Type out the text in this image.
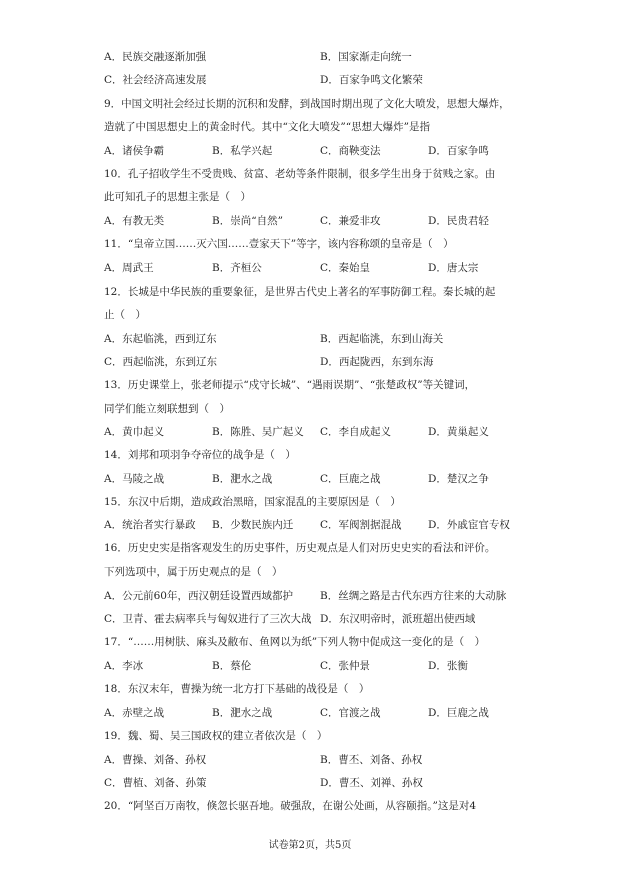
A．民族交融逐渐加强	B．国家渐走向统一
C．社会经济高速发展	D．百家争鸣文化繁荣
9．中国文明社会经过长期的沉积和发酵，到战国时期出现了文化大喷发，思想大爆炸，
造就了中国思想史上的黄金时代。其中“文化大喷发”“思想大爆炸”是指
A．诸侯争霸	B．私学兴起	C．商鞅变法	D．百家争鸣
10．孔子招收学生不受贵贱、贫富、老幼等条件限制，很多学生出身于贫贱之家。由
此可知孔子的思想主张是（　）
A．有教无类	B．崇尚“自然”	C．兼爱非攻	D．民贵君轻
11．“皇帝立国……灭六国……壹家天下”等字，该内容称颂的皇帝是（　）
A．周武王	B．齐桓公	C．秦始皇	D．唐太宗
12．长城是中华民族的重要象征，是世界古代史上著名的军事防御工程。秦长城的起
止（　）
A．东起临洮，西到辽东	B．西起临洮，东到山海关
C．西起临洮，东到辽东	D．西起陇西，东到东海
13．历史课堂上，张老师提示“戍守长城”、“遇雨误期”、“张楚政权”等关键词，
同学们能立刻联想到（　）
A．黄巾起义	B．陈胜、吴广起义 C．李自成起义	D．黄巢起义
14．刘邦和项羽争夺帝位的战争是（　）
A．马陵之战	B．淝水之战	C．巨鹿之战	D．楚汉之争
15．东汉中后期，造成政治黑暗，国家混乱的主要原因是（　）
A．统治者实行暴政 B．少数民族内迁	C．军阀割据混战	D．外戚宦官专权
16．历史史实是指客观发生的历史事件，历史观点是人们对历史史实的看法和评价。
下列选项中，属于历史观点的是（　）
A．公元前60年，西汉朝廷设置西域都护	B．丝绸之路是古代东西方往来的大动脉
C．卫青、霍去病率兵与匈奴进行了三次大战 D．东汉明帝时，派班超出使西域
17．“……用树肤、麻头及敝布、鱼网以为纸”下列人物中促成这一变化的是（　）
A．李冰	B．蔡伦	C．张仲景	D．张衡
18．东汉末年，曹操为统一北方打下基础的战役是（　）
A．赤壁之战	B．淝水之战	C．官渡之战	D．巨鹿之战
19．魏、蜀、吴三国政权的建立者依次是（　）
A．曹操、刘备、孙权	B．曹丕、刘备、孙权
C．曹植、刘备、孙策	D．曹丕、刘禅、孙权
20．“阿坚百万南牧，倏忽长驱吾地。破强敌，在谢公处画，从容颐指。”这是对4
试卷第2页，共5页
